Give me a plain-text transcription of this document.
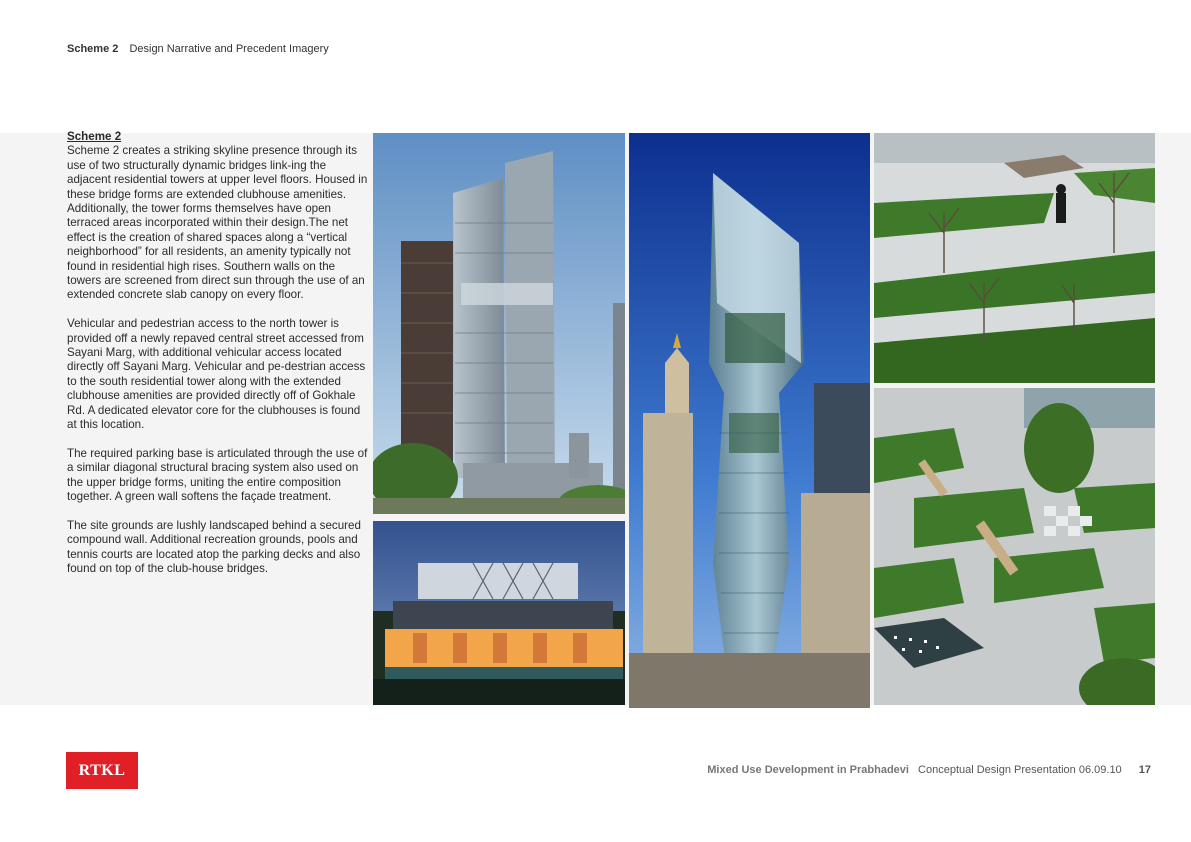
Scheme 2 Design Narrative and Precedent Imagery
Scheme 2

Scheme 2 creates a striking skyline presence through its use of two structurally dynamic bridges link-ing the adjacent residential towers at upper level floors. Housed in these bridge forms are extended clubhouse amenities. Additionally, the tower forms themselves have open terraced areas incorporated within their design.The net effect is the creation of shared spaces along a “vertical neighborhood” for all residents, an amenity typically not found in residential high rises. Southern walls on the towers are screened from direct sun through the use of an extended concrete slab canopy on every floor.

Vehicular and pedestrian access to the north tower is provided off a newly repaved central street accessed from Sayani Marg, with additional vehicular access located directly off Sayani Marg. Vehicular and pe-destrian access to the south residential tower along with the extended clubhouse amenities are provided directly off of Gokhale Rd. A dedicated elevator core for the clubhouses is found at this location.

The required parking base is articulated through the use of a similar diagonal structural bracing system also used on the upper bridge forms, uniting the entire composition together. A green wall softens the façade treatment.

The site grounds are lushly landscaped behind a secured compound wall. Additional recreation grounds, pools and tennis courts are located atop the parking decks and also found on top of the club-house bridges.

RTKL	Mixed Use Development in Prabhadevi Conceptual Design Presentation 06.09.10 17
